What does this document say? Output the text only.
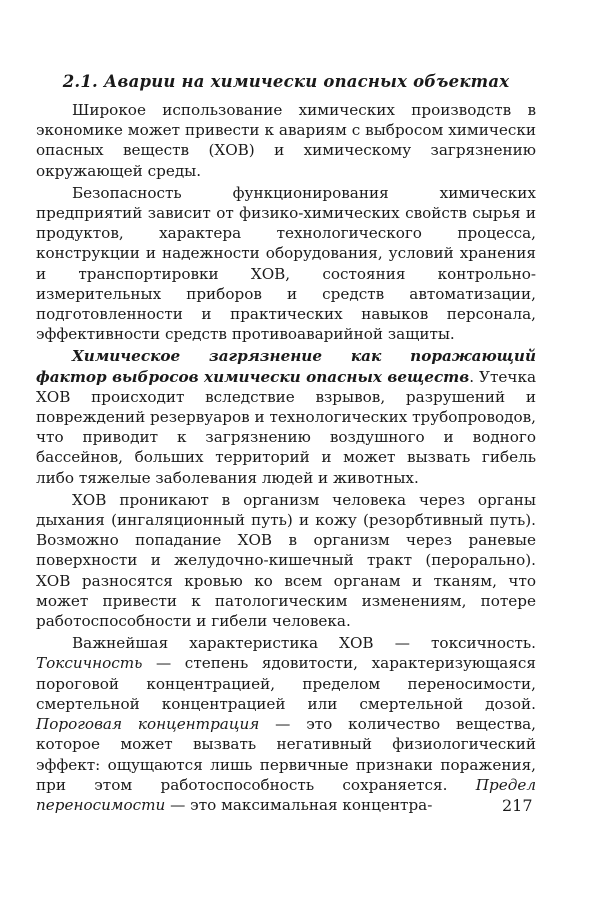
2.1. Аварии на химически опасных объектах

Широкое использование химических производств в экономике может привести к авариям с выбросом химически опасных веществ (ХОВ) и химическому загрязнению окружающей среды.

Безопасность функционирования химических предприятий зависит от физико-химических свойств сырья и продуктов, характера технологического процесса, конструкции и надежности оборудования, условий хранения и транспортировки ХОВ, состояния контрольно-измерительных приборов и средств автоматизации, подготовленности и практических навыков персонала, эффективности средств противоаварийной защиты.

Химическое загрязнение как поражающий фактор выбросов химически опасных веществ. Утечка ХОВ происходит вследствие взрывов, разрушений и повреждений резервуаров и технологических трубопроводов, что приводит к загрязнению воздушного и водного бассейнов, больших территорий и может вызвать гибель либо тяжелые заболевания людей и животных.

ХОВ проникают в организм человека через органы дыхания (ингаляционный путь) и кожу (резорбтивный путь). Возможно попадание ХОВ в организм через раневые поверхности и желудочно-кишечный тракт (перорально). ХОВ разносятся кровью ко всем органам и тканям, что может привести к патологическим изменениям, потере работоспособности и гибели человека.

Важнейшая характеристика ХОВ — токсичность. Токсичность — степень ядовитости, характеризующаяся пороговой концентрацией, пределом переносимости, смертельной концентрацией или смертельной дозой. Пороговая концентрация — это количество вещества, которое может вызвать негативный физиологический эффект: ощущаются лишь первичные признаки поражения, при этом работоспособность сохраняется. Предел переносимости — это максимальная концентра-	217
